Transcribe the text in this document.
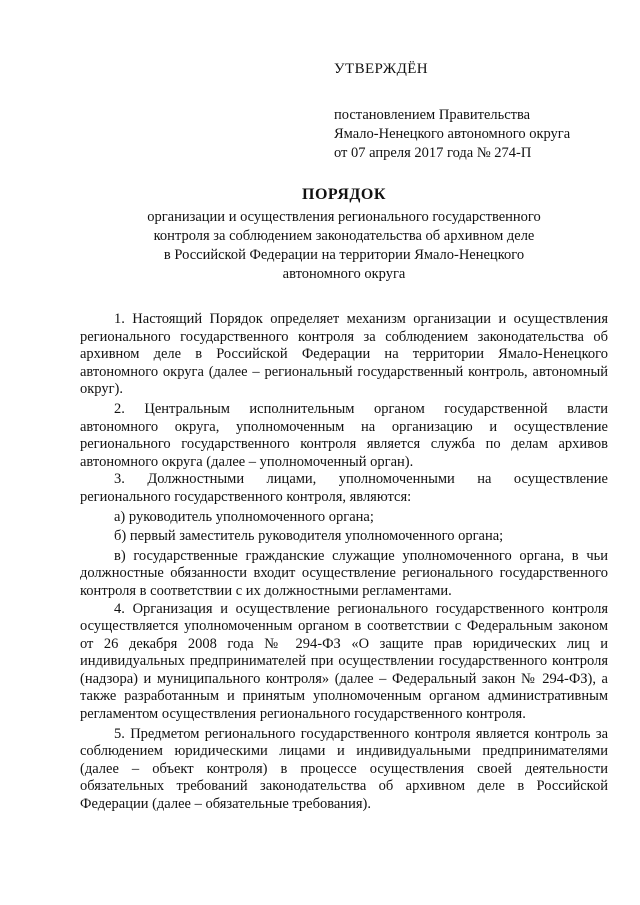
УТВЕРЖДЁН
постановлением Правительства
Ямало-Ненецкого автономного округа
от 07 апреля 2017 года № 274-П
ПОРЯДОК
организации и осуществления регионального государственного
контроля за соблюдением законодательства об архивном деле
в Российской Федерации на территории Ямало-Ненецкого
автономного округа

1. Настоящий Порядок определяет механизм организации и осуществления регионального государственного контроля за соблюдением законодательства об архивном деле в Российской Федерации на территории Ямало-Ненецкого автономного округа (далее – региональный государственный контроль, автономный округ).

2. Центральным исполнительным органом государственной власти автономного округа, уполномоченным на организацию и осуществление регионального государственного контроля является служба по делам архивов автономного округа (далее – уполномоченный орган).

3. Должностными лицами, уполномоченными на осуществление регионального государственного контроля, являются:

а) руководитель уполномоченного органа;

б) первый заместитель руководителя уполномоченного органа;

в) государственные гражданские служащие уполномоченного органа, в чьи должностные обязанности входит осуществление регионального государственного контроля в соответствии с их должностными регламентами.

4. Организация и осуществление регионального государственного контроля осуществляется уполномоченным органом в соответствии с Федеральным законом от 26 декабря 2008 года № 294-ФЗ «О защите прав юридических лиц и индивидуальных предпринимателей при осуществлении государственного контроля (надзора) и муниципального контроля» (далее – Федеральный закон № 294-ФЗ), а также разработанным и принятым уполномоченным органом административным регламентом осуществления регионального государственного контроля.

5. Предметом регионального государственного контроля является контроль за соблюдением юридическими лицами и индивидуальными предпринимателями (далее – объект контроля) в процессе осуществления своей деятельности обязательных требований законодательства об архивном деле в Российской Федерации (далее – обязательные требования).
